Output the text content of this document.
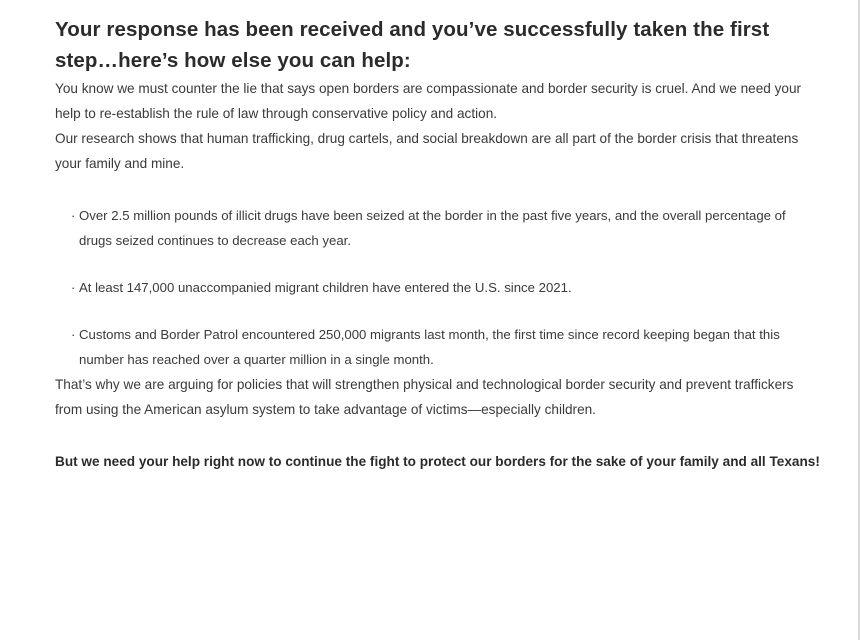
Your response has been received and you’ve successfully taken the first step…here’s how else you can help:

You know we must counter the lie that says open borders are compassionate and border security is cruel. And we need your help to re-establish the rule of law through conservative policy and action.

Our research shows that human trafficking, drug cartels, and social breakdown are all part of the border crisis that threatens your family and mine.

· Over 2.5 million pounds of illicit drugs have been seized at the border in the past five years, and the overall percentage of drugs seized continues to decrease each year.
· At least 147,000 unaccompanied migrant children have entered the U.S. since 2021.
· Customs and Border Patrol encountered 250,000 migrants last month, the first time since record keeping began that this number has reached over a quarter million in a single month.

That’s why we are arguing for policies that will strengthen physical and technological border security and prevent traffickers from using the American asylum system to take advantage of victims—especially children.

But we need your help right now to continue the fight to protect our borders for the sake of your family and all Texans!
